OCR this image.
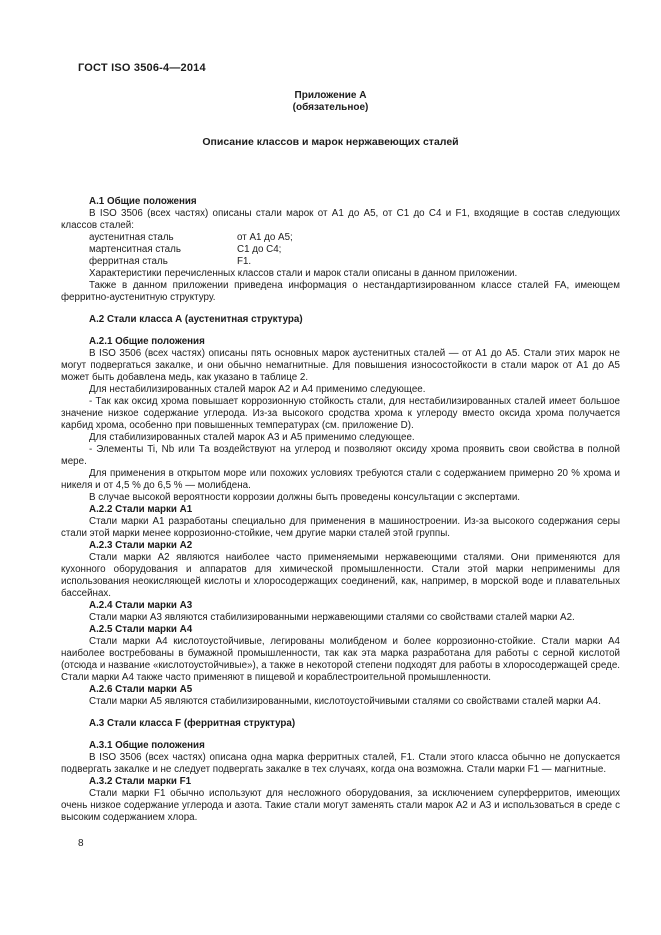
ГОСТ ISO 3506-4—2014
Приложение А
(обязательное)
Описание классов и марок нержавеющих сталей
А.1 Общие положения
В ISO 3506 (всех частях) описаны стали марок от А1 до А5, от С1 до С4 и F1, входящие в состав следующих классов сталей:
аустенитная сталь	от А1 до А5;
мартенситная сталь	С1 до С4;
ферритная сталь	F1.
Характеристики перечисленных классов стали и марок стали описаны в данном приложении.
Также в данном приложении приведена информация о нестандартизированном классе сталей FA, имеющем ферритно-аустенитную структуру.
А.2 Стали класса А (аустенитная структура)
А.2.1 Общие положения
В ISO 3506 (всех частях) описаны пять основных марок аустенитных сталей — от А1 до А5. Стали этих марок не могут подвергаться закалке, и они обычно немагнитные. Для повышения износостойкости в стали марок от А1 до А5 может быть добавлена медь, как указано в таблице 2.
Для нестабилизированных сталей марок А2 и А4 применимо следующее.
- Так как оксид хрома повышает коррозионную стойкость стали, для нестабилизированных сталей имеет большое значение низкое содержание углерода. Из-за высокого сродства хрома к углероду вместо оксида хрома получается карбид хрома, особенно при повышенных температурах (см. приложение D).
Для стабилизированных сталей марок А3 и А5 применимо следующее.
- Элементы Ti, Nb или Та воздействуют на углерод и позволяют оксиду хрома проявить свои свойства в полной мере.
Для применения в открытом море или похожих условиях требуются стали с содержанием примерно 20 % хрома и никеля и от 4,5 % до 6,5 % — молибдена.
В случае высокой вероятности коррозии должны быть проведены консультации с экспертами.
А.2.2 Стали марки А1
Стали марки А1 разработаны специально для применения в машиностроении. Из-за высокого содержания серы стали этой марки менее коррозионно-стойкие, чем другие марки сталей этой группы.
А.2.3 Стали марки А2
Стали марки А2 являются наиболее часто применяемыми нержавеющими сталями. Они применяются для кухонного оборудования и аппаратов для химической промышленности. Стали этой марки неприменимы для использования неокисляющей кислоты и хлоросодержащих соединений, как, например, в морской воде и плавательных бассейнах.
А.2.4 Стали марки А3
Стали марки А3 являются стабилизированными нержавеющими сталями со свойствами сталей марки А2.
А.2.5 Стали марки А4
Стали марки А4 кислотоустойчивые, легированы молибденом и более коррозионно-стойкие. Стали марки А4 наиболее востребованы в бумажной промышленности, так как эта марка разработана для работы с серной кислотой (отсюда и название «кислотоустойчивые»), а также в некоторой степени подходят для работы в хлоросодержащей среде. Стали марки А4 также часто применяют в пищевой и кораблестроительной промышленности.
А.2.6 Стали марки А5
Стали марки А5 являются стабилизированными, кислотоустойчивыми сталями со свойствами сталей марки А4.
А.3 Стали класса F (ферритная структура)
А.3.1 Общие положения
В ISO 3506 (всех частях) описана одна марка ферритных сталей, F1. Стали этого класса обычно не допускается подвергать закалке и не следует подвергать закалке в тех случаях, когда она возможна. Стали марки F1 — магнитные.
А.3.2 Стали марки F1
Стали марки F1 обычно используют для несложного оборудования, за исключением суперферритов, имеющих очень низкое содержание углерода и азота. Такие стали могут заменять стали марок А2 и А3 и использоваться в среде с высоким содержанием хлора.
8
